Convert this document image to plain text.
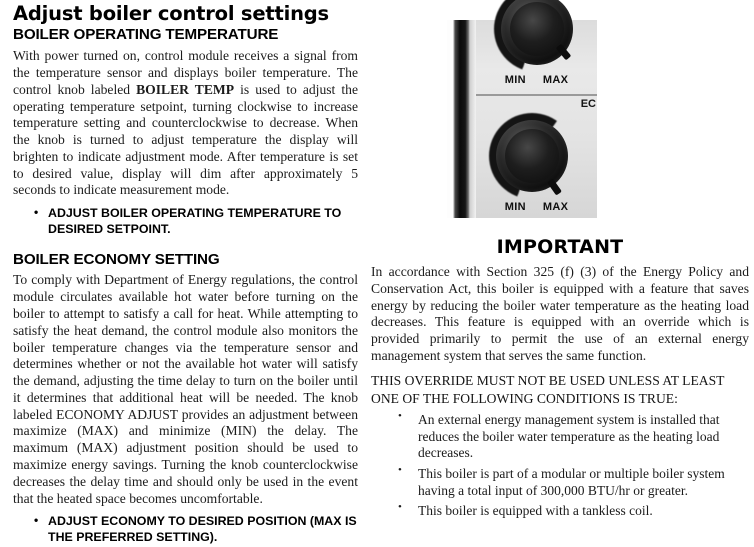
Adjust boiler control settings
BOILER OPERATING TEMPERATURE

With power turned on, control module receives a signal from the temperature sensor and displays boiler temperature. The control knob labeled BOILER TEMP is used to adjust the operating temperature setpoint, turning clockwise to increase temperature setting and counterclockwise to decrease. When the knob is turned to adjust temperature the display will brighten to indicate adjustment mode. After temperature is set to desired value, display will dim after approximately 5 seconds to indicate measurement mode.

• ADJUST BOILER OPERATING TEMPERATURE TO DESIRED SETPOINT.
BOILER ECONOMY SETTING

To comply with Department of Energy regulations, the control module circulates available hot water before turning on the boiler to attempt to satisfy a call for heat. While attempting to satisfy the heat demand, the control module also monitors the boiler temperature changes via the temperature sensor and determines whether or not the available hot water will satisfy the demand, adjusting the time delay to turn on the boiler until it determines that additional heat will be needed. The knob labeled ECONOMY ADJUST provides an adjustment between maximize (MAX) and minimize (MIN) the delay. The maximum (MAX) adjustment position should be used to maximize energy savings. Turning the knob counterclockwise decreases the delay time and should only be used in the event that the heated space becomes uncomfortable.

• ADJUST ECONOMY TO DESIRED POSITION (MAX IS THE PREFERRED SETTING).
MIN MAX
EC
MIN MAX
IMPORTANT

In accordance with Section 325 (f) (3) of the Energy Policy and Conservation Act, this boiler is equipped with a feature that saves energy by reducing the boiler water temperature as the heating load decreases. This feature is equipped with an override which is provided primarily to permit the use of an external energy management system that serves the same function.

THIS OVERRIDE MUST NOT BE USED UNLESS AT LEAST

ONE OF THE FOLLOWING CONDITIONS IS TRUE:

• An external energy management system is installed that reduces the boiler water temperature as the heating load decreases.
• This boiler is part of a modular or multiple boiler system having a total input of 300,000 BTU/hr or greater.
• This boiler is equipped with a tankless coil.
